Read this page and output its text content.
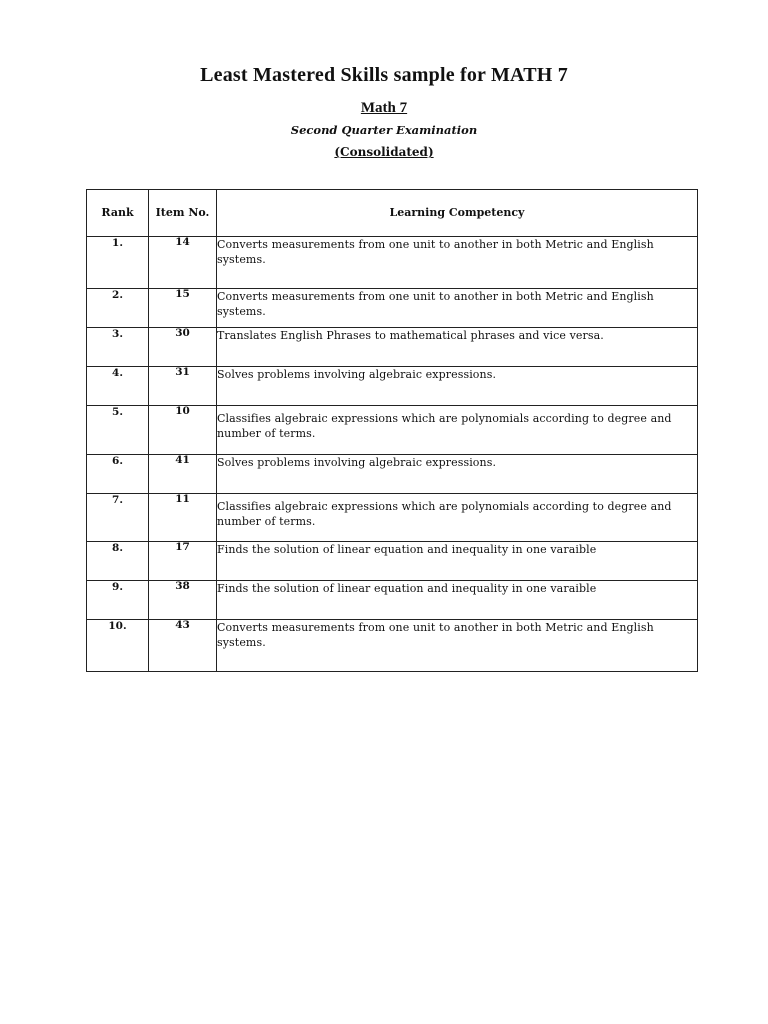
Least Mastered Skills sample for MATH 7
Math 7
Second Quarter Examination
(Consolidated)
Rank	Item No.	Learning Competency
1.	14	Converts measurements from one unit to another in both Metric and English systems.
2.	15	Converts measurements from one unit to another in both Metric and English systems.
3.	30	Translates English Phrases to mathematical phrases and vice versa.
4.	31	Solves problems involving algebraic expressions.
5.	10	Classifies algebraic expressions which are polynomials according to degree and number of terms.
6.	41	Solves problems involving algebraic expressions.
7.	11	Classifies algebraic expressions which are polynomials according to degree and number of terms.
8.	17	Finds the solution of linear equation and inequality in one varaible
9.	38	Finds the solution of linear equation and inequality in one varaible
10.	43	Converts measurements from one unit to another in both Metric and English systems.
